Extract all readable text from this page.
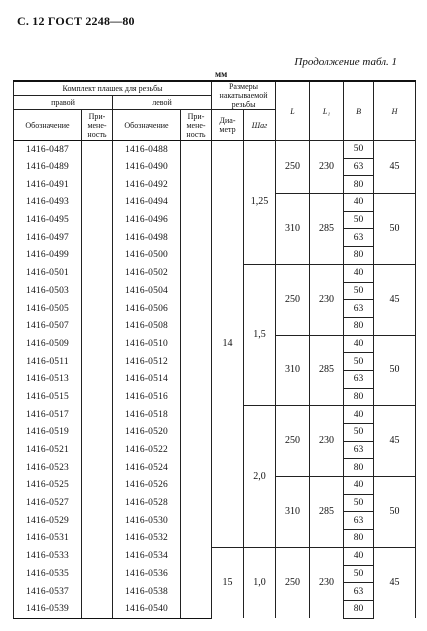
С. 12 ГОСТ 2248—80
Продолжение табл. 1
мм
Комплект плашек для резьбы				Размеры накатываемой резьбы		L	L₁	B	H
правой		левой							
Обозначение	При-мене-ность	Обозначение	При-мене-ность	Диа-метр	Шаг				
1416-0487		1416-0488		14	1,25	250	230	50	45
1416-0489		1416-0490						63	
1416-0491		1416-0492						80	
1416-0493		1416-0494				310	285	40	50
1416-0495		1416-0496						50	
1416-0497		1416-0498						63	
1416-0499		1416-0500						80	
1416-0501		1416-0502			1,5	250	230	40	45
1416-0503		1416-0504						50	
1416-0505		1416-0506						63	
1416-0507		1416-0508						80	
1416-0509		1416-0510				310	285	40	50
1416-0511		1416-0512						50	
1416-0513		1416-0514						63	
1416-0515		1416-0516						80	
1416-0517		1416-0518			2,0	250	230	40	45
1416-0519		1416-0520						50	
1416-0521		1416-0522						63	
1416-0523		1416-0524						80	
1416-0525		1416-0526				310	285	40	50
1416-0527		1416-0528						50	
1416-0529		1416-0530						63	
1416-0531		1416-0532						80	
1416-0533		1416-0534		15	1,0	250	230	40	45
1416-0535		1416-0536						50	
1416-0537		1416-0538						63	
1416-0539		1416-0540						80	
